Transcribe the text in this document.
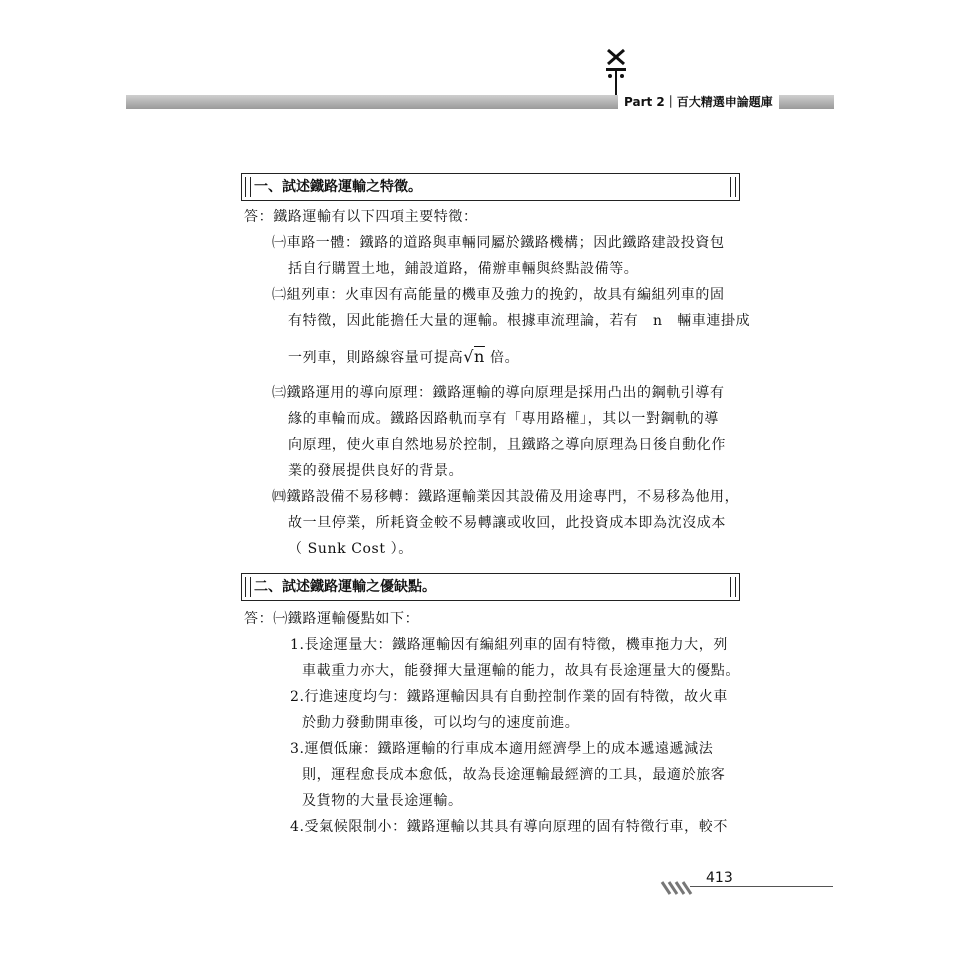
Part 2｜百大精選申論題庫
一、試述鐵路運輸之特徵。
答：鐵路運輸有以下四項主要特徵：
㈠車路一體：鐵路的道路與車輛同屬於鐵路機構；因此鐵路建設投資包
括自行購置土地，鋪設道路，備辦車輛與終點設備等。
㈡組列車：火車因有高能量的機車及強力的挽釣，故具有編組列車的固
有特徵，因此能擔任大量的運輸。根據車流理論，若有　n　輛車連掛成
一列車，則路線容量可提高√n 倍。
㈢鐵路運用的導向原理：鐵路運輸的導向原理是採用凸出的鋼軌引導有
緣的車輪而成。鐵路因路軌而享有「專用路權」，其以一對鋼軌的導
向原理，使火車自然地易於控制，且鐵路之導向原理為日後自動化作
業的發展提供良好的背景。
㈣鐵路設備不易移轉：鐵路運輸業因其設備及用途專門，不易移為他用，
故一旦停業，所耗資金較不易轉讓或收回，此投資成本即為沈沒成本
（ Sunk Cost ）。
二、試述鐵路運輸之優缺點。
答：㈠鐵路運輸優點如下：
1.長途運量大：鐵路運輸因有編組列車的固有特徵，機車拖力大，列
車載重力亦大，能發揮大量運輸的能力，故具有長途運量大的優點。
2.行進速度均勻：鐵路運輸因具有自動控制作業的固有特徵，故火車
於動力發動開車後，可以均勻的速度前進。
3.運價低廉：鐵路運輸的行車成本適用經濟學上的成本遞遠遞減法
則，運程愈長成本愈低，故為長途運輸最經濟的工具，最適於旅客
及貨物的大量長途運輸。
4.受氣候限制小：鐵路運輸以其具有導向原理的固有特徵行車，較不
413
